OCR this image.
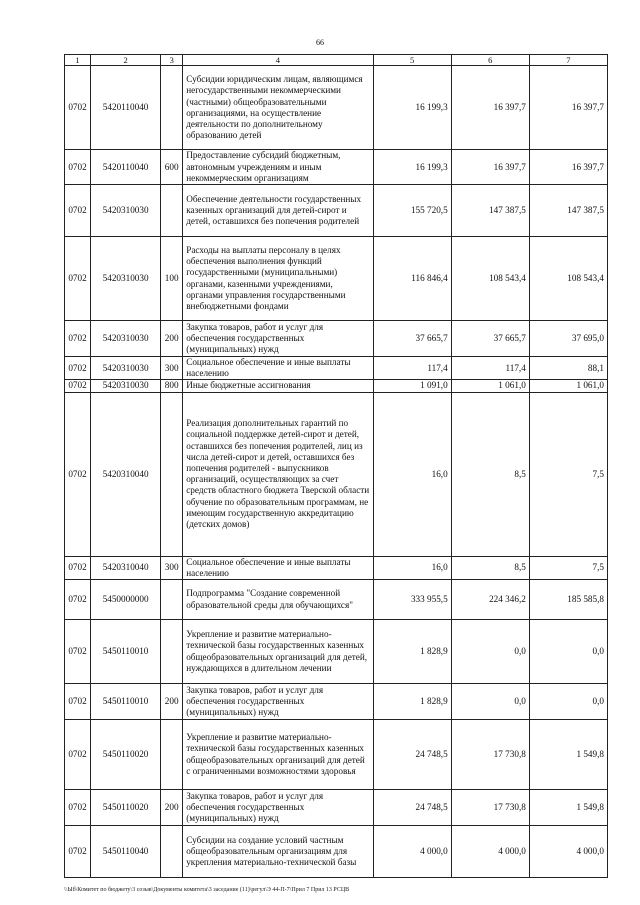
66
1	2	3	4	5	6	7
0702	5420110040		Субсидии юридическим лицам, являющимся негосударственными некоммерческими (частными) общеобразовательными организациями, на осуществление деятельности по дополнительному образованию детей	16 199,3	16 397,7	16 397,7
0702	5420110040	600	Предоставление субсидий бюджетным, автономным учреждениям и иным некоммерческим организациям	16 199,3	16 397,7	16 397,7
0702	5420310030		Обеспечение деятельности государственных казенных организаций для детей-сирот и детей, оставшихся без попечения родителей	155 720,5	147 387,5	147 387,5
0702	5420310030	100	Расходы на выплаты персоналу в целях обеспечения выполнения функций государственными (муниципальными) органами, казенными учреждениями, органами управления государственными внебюджетными фондами	116 846,4	108 543,4	108 543,4
0702	5420310030	200	Закупка товаров, работ и услуг для обеспечения государственных (муниципальных) нужд	37 665,7	37 665,7	37 695,0
0702	5420310030	300	Социальное обеспечение и иные выплаты населению	117,4	117,4	88,1
0702	5420310030	800	Иные бюджетные ассигнования	1 091,0	1 061,0	1 061,0
0702	5420310040		Реализация дополнительных гарантий по социальной поддержке детей-сирот и детей, оставшихся без попечения родителей, лиц из числа детей-сирот и детей, оставшихся без попечения родителей - выпускников организаций, осуществляющих за счет средств областного бюджета Тверской области обучение по образовательным программам, не имеющим государственную аккредитацию (детских домов)	16,0	8,5	7,5
0702	5420310040	300	Социальное обеспечение и иные выплаты населению	16,0	8,5	7,5
0702	5450000000		Подпрограмма "Создание современной образовательной среды для обучающихся"	333 955,5	224 346,2	185 585,8
0702	5450110010		Укрепление и развитие материально-технической базы государственных казенных общеобразовательных организаций для детей, нуждающихся в длительном лечении	1 828,9	0,0	0,0
0702	5450110010	200	Закупка товаров, работ и услуг для обеспечения государственных (муниципальных) нужд	1 828,9	0,0	0,0
0702	5450110020		Укрепление и развитие материально-технической базы государственных казенных общеобразовательных организаций для детей с ограниченными возможностями здоровья	24 748,5	17 730,8	1 549,8
0702	5450110020	200	Закупка товаров, работ и услуг для обеспечения государственных (муниципальных) нужд	24 748,5	17 730,8	1 549,8
0702	5450110040		Субсидии на создание условий частным общеобразовательным организациям для укрепления материально-технической базы	4 000,0	4 000,0	4 000,0
\\Ыб\Комитет по бюджету\3 созыв\Документы комитета\3 заседание (11)\регул\Э 44-П-7\Прил 7 Прил 13 РСЦВ
